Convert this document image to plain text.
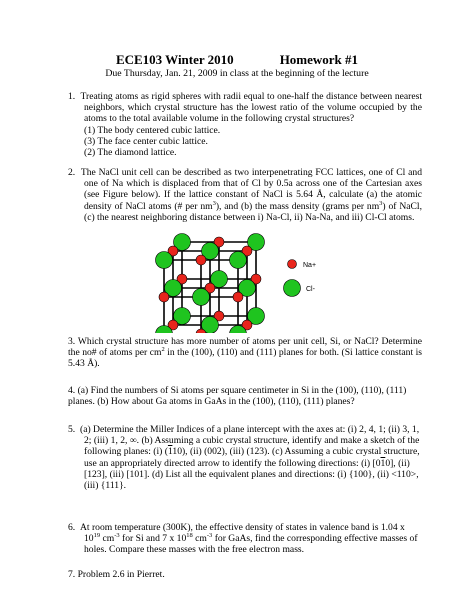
ECE103 Winter 2010	Homework #1
Due Thursday, Jan. 21, 2009 in class at the beginning of the lecture

1. Treating atoms as rigid spheres with radii equal to one-half the distance between nearest neighbors, which crystal structure has the lowest ratio of the volume occupied by the atoms to the total available volume in the following crystal structures?

(1) The body centered cubic lattice.

(3) The face center cubic lattice.

(2) The diamond lattice.

2. The NaCl unit cell can be described as two interpenetrating FCC lattices, one of Cl and one of Na which is displaced from that of Cl by 0.5a across one of the Cartesian axes (see Figure below). If the lattice constant of NaCl is 5.64 Å, calculate (a) the atomic density of NaCl atoms (# per $nm^3$), and (b) the mass density (grams per $nm^3$) of NaCl, (c) the nearest neighboring distance between i) Na-Cl, ii) Na-Na, and iii) Cl-Cl atoms.

Na+
Cl-

3. Which crystal structure has more number of atoms per unit cell, Si, or NaCl? Determine the no# of atoms per $cm^2$ in the (100), (110) and (111) planes for both. (Si lattice constant is 5.43 Å).

4. (a) Find the numbers of Si atoms per square centimeter in Si in the (100), (110), (111) planes. (b) How about Ga atoms in GaAs in the (100), (110), (111) planes?

5. (a) Determine the Miller Indices of a plane intercept with the axes at: (i) 2, 4, 1; (ii) 3, 1, 2; (iii) 1, 2, ∞. (b) Assuming a cubic crystal structure, identify and make a sketch of the following planes: (i) (110), (ii) (002), (iii) (123). (c) Assuming a cubic crystal structure, use an appropriately directed arrow to identify the following directions: (i) [010], (ii) [123], (iii) [101]. (d) List all the equivalent planes and directions: (i) {100}, (ii) <110>, (iii) {111}.

6. At room temperature (300K), the effective density of states in valence band is 1.04 x $10^{19}$ $cm^{-3}$ for Si and 7 x $10^{18}$ $cm^{-3}$ for GaAs, find the corresponding effective masses of holes. Compare these masses with the free electron mass.

7. Problem 2.6 in Pierret.
